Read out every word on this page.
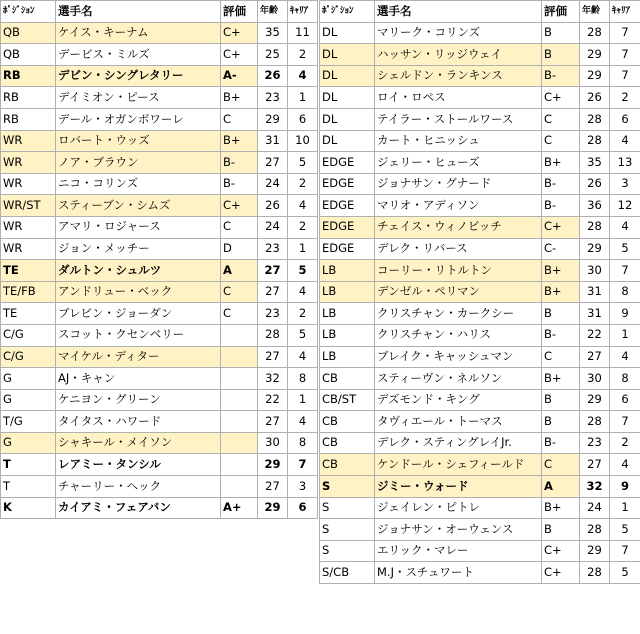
ﾎﾟｼﾞｼｮﾝ	選手名	評価	年齢	ｷｬﾘｱ
QB	ケイス・キーナム	C+	35	11
QB	デービス・ミルズ	C+	25	2
RB	デビン・シングレタリー	A-	26	4
RB	デイミオン・ピース	B+	23	1
RB	デール・オガンボワーレ	C	29	6
WR	ロバート・ウッズ	B+	31	10
WR	ノア・ブラウン	B-	27	5
WR	ニコ・コリンズ	B-	24	2
WR/ST	スティーブン・シムズ	C+	26	4
WR	アマリ・ロジャース	C	24	2
WR	ジョン・メッチー	D	23	1
TE	ダルトン・シュルツ	A	27	5
TE/FB	アンドリュー・ベック	C	27	4
TE	ブレビン・ジョーダン	C	23	2
C/G	スコット・クセンベリー		28	5
C/G	マイケル・ディター		27	4
G	AJ・キャン		32	8
G	ケニヨン・グリーン		22	1
T/G	タイタス・ハワード		27	4
G	シャキール・メイソン		30	8
T	レアミー・タンシル		29	7
T	チャーリー・ヘック		27	3
K	カイアミ・フェアバン	A+	29	6
ﾎﾟｼﾞｼｮﾝ	選手名	評価	年齢	ｷｬﾘｱ
DL	マリーク・コリンズ	B	28	7
DL	ハッサン・リッジウェイ	B	29	7
DL	シェルドン・ランキンス	B-	29	7
DL	ロイ・ロペス	C+	26	2
DL	テイラー・ストールワース	C	28	6
DL	カート・ヒニッシュ	C	28	4
EDGE	ジェリー・ヒューズ	B+	35	13
EDGE	ジョナサン・グナード	B-	26	3
EDGE	マリオ・アディソン	B-	36	12
EDGE	チェイス・ウィノビッチ	C+	28	4
EDGE	デレク・リバース	C-	29	5
LB	コーリー・リトルトン	B+	30	7
LB	デンゼル・ペリマン	B+	31	8
LB	クリスチャン・カークシー	B	31	9
LB	クリスチャン・ハリス	B-	22	1
LB	ブレイク・キャッシュマン	C	27	4
CB	スティーヴン・ネルソン	B+	30	8
CB/ST	デズモンド・キング	B	29	6
CB	タヴィエール・トーマス	B	28	7
CB	デレク・スティングレイJr.	B-	23	2
CB	ケンドール・シェフィールド	C	27	4
S	ジミー・ウォード	A	32	9
S	ジェイレン・ピトレ	B+	24	1
S	ジョナサン・オーウェンス	B	28	5
S	エリック・マレー	C+	29	7
S/CB	M.J・スチュワート	C+	28	5
